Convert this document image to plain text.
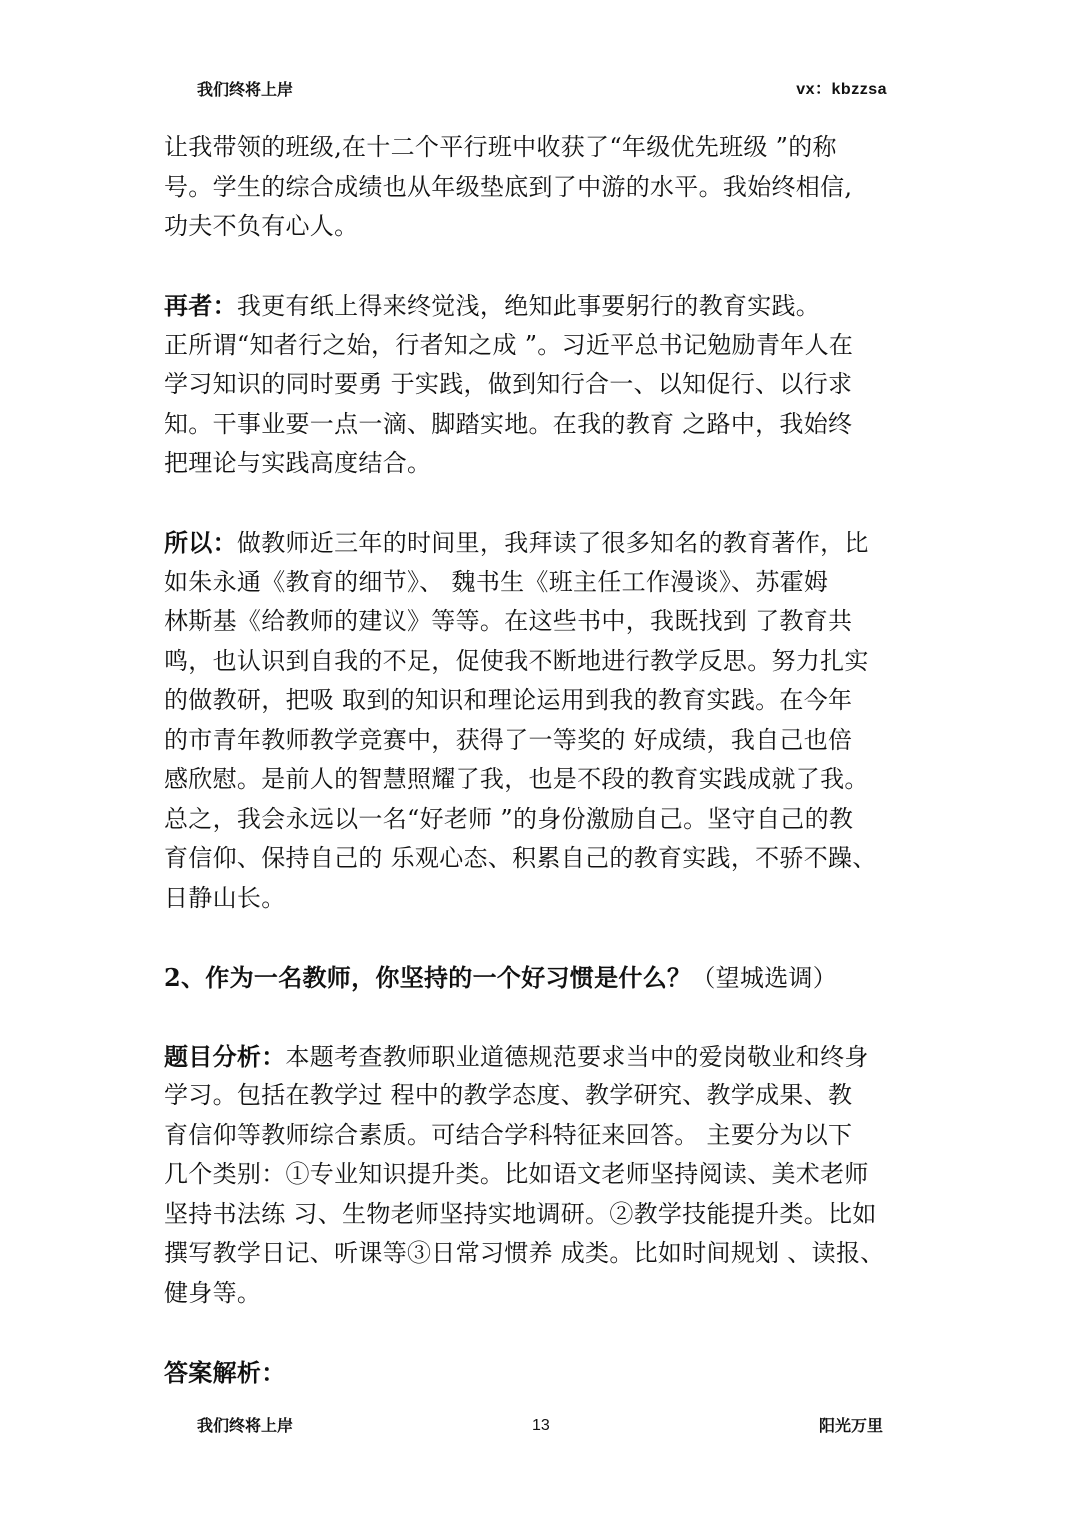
我们终将上岸	vx：kbzzsa
让我带领的班级,在十二个平行班中收获了“年级优先班级 ”的称
号。学生的综合成绩也从年级垫底到了中游的水平。我始终相信,
功夫不负有心人。
再者：我更有纸上得来终觉浅，绝知此事要躬行的教育实践。
正所谓“知者行之始，行者知之成 ”。习近平总书记勉励青年人在
学习知识的同时要勇 于实践，做到知行合一、以知促行、以行求
知。干事业要一点一滴、脚踏实地。在我的教育 之路中，我始终
把理论与实践高度结合。
所以：做教师近三年的时间里，我拜读了很多知名的教育著作，比
如朱永通《教育的细节》、 魏书生《班主任工作漫谈》、苏霍姆
林斯基《给教师的建议》等等。在这些书中，我既找到 了教育共
鸣，也认识到自我的不足，促使我不断地进行教学反思。努力扎实
的做教研，把吸 取到的知识和理论运用到我的教育实践。在今年
的市青年教师教学竞赛中，获得了一等奖的 好成绩，我自己也倍
感欣慰。是前人的智慧照耀了我，也是不段的教育实践成就了我。
总之，我会永远以一名“好老师 ”的身份激励自己。坚守自己的教
育信仰、保持自己的 乐观心态、积累自己的教育实践，不骄不躁、
日静山长。
2、作为一名教师，你坚持的一个好习惯是什么？（望城选调）
题目分析：本题考查教师职业道德规范要求当中的爱岗敬业和终身
学习。包括在教学过 程中的教学态度、教学研究、教学成果、教
育信仰等教师综合素质。可结合学科特征来回答。 主要分为以下
几个类别：①专业知识提升类。比如语文老师坚持阅读、美术老师
坚持书法练 习、生物老师坚持实地调研。②教学技能提升类。比如
撰写教学日记、听课等③日常习惯养 成类。比如时间规划 、读报、
健身等。
答案解析：
我们终将上岸	13	阳光万里
